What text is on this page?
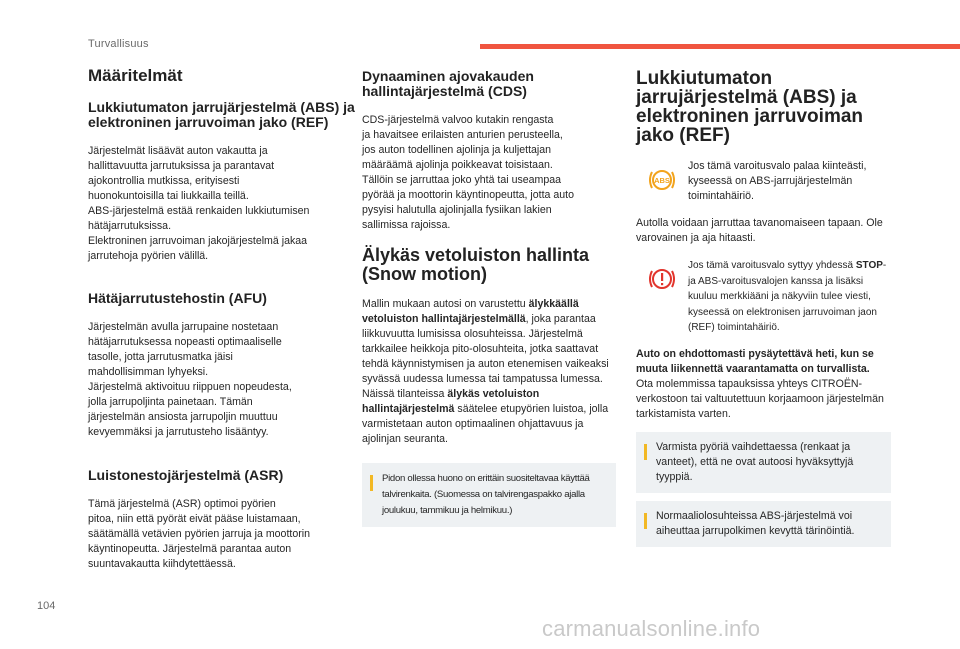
Turvallisuus
Määritelmät
Lukkiutumaton jarrujärjestelmä (ABS) ja elektroninen jarruvoiman jako (REF)

Järjestelmät lisäävät auton vakautta ja
hallittavuutta jarrutuksissa ja parantavat
ajokontrollia mutkissa, erityisesti
huonokuntoisilla tai liukkailla teillä.
ABS-järjestelmä estää renkaiden lukkiutumisen
hätäjarrutuksissa.
Elektroninen jarruvoiman jakojärjestelmä jakaa
jarrutehoja pyörien välillä.

Hätäjarrutustehostin (AFU)

Järjestelmän avulla jarrupaine nostetaan
hätäjarrutuksessa nopeasti optimaaliselle
tasolle, jotta jarrutusmatka jäisi
mahdollisimman lyhyeksi.
Järjestelmä aktivoituu riippuen nopeudesta,
jolla jarrupoljinta painetaan. Tämän
järjestelmän ansiosta jarrupoljin muuttuu
kevyemmäksi ja jarrutusteho lisääntyy.

Luistonestojärjestelmä (ASR)

Tämä järjestelmä (ASR) optimoi pyörien
pitoa, niin että pyörät eivät pääse luistamaan,
säätämällä vetävien pyörien jarruja ja moottorin
käyntinopeutta. Järjestelmä parantaa auton
suuntavakautta kiihdytettäessä.

Dynaaminen ajovakauden hallintajärjestelmä (CDS)

CDS-järjestelmä valvoo kutakin rengasta
ja havaitsee erilaisten anturien perusteella,
jos auton todellinen ajolinja ja kuljettajan
määräämä ajolinja poikkeavat toisistaan.
Tällöin se jarruttaa joko yhtä tai useampaa
pyörää ja moottorin käyntinopeutta, jotta auto
pysyisi halutulla ajolinjalla fysiikan lakien
sallimissa rajoissa.

Älykäs vetoluiston hallinta (Snow motion)

Mallin mukaan autosi on varustettu älykkäällä vetoluiston hallintajärjestelmällä, joka parantaa liikkuvuutta lumisissa olosuhteissa. Järjestelmä tarkkailee heikkoja pito-olosuhteita, jotka saattavat tehdä käynnistymisen ja auton etenemisen vaikeaksi syvässä uudessa lumessa tai tampatussa lumessa.
Näissä tilanteissa älykäs vetoluiston hallintajärjestelmä säätelee etupyörien luistoa, jolla varmistetaan auton optimaalinen ohjattavuus ja ajolinjan seuranta.

Pidon ollessa huono on erittäin suositeltavaa käyttää talvirenkaita. (Suomessa on talvirengaspakko ajalla joulukuu, tammikuu ja helmikuu.)
Lukkiutumaton jarrujärjestelmä (ABS) ja elektroninen jarruvoiman jako (REF)
ABS

Jos tämä varoitusvalo palaa kiinteästi, kyseessä on ABS-jarrujärjestelmän toimintahäiriö.

Autolla voidaan jarruttaa tavanomaiseen tapaan. Ole varovainen ja aja hitaasti.

Jos tämä varoitusvalo syttyy yhdessä STOP- ja ABS-varoitusvalojen kanssa ja lisäksi kuuluu merkkiääni ja näkyviin tulee viesti, kyseessä on elektronisen jarruvoiman jaon (REF) toimintahäiriö.

Auto on ehdottomasti pysäytettävä heti, kun se muuta liikennettä vaarantamatta on turvallista.

Ota molemmissa tapauksissa yhteys CITROËN-verkostoon tai valtuutettuun korjaamoon järjestelmän tarkistamista varten.

Varmista pyöriä vaihdettaessa (renkaat ja vanteet), että ne ovat autoosi hyväksyttyjä tyyppiä.
Normaaliolosuhteissa ABS-järjestelmä voi aiheuttaa jarrupolkimen kevyttä tärinöintiä.
104
carmanualsonline.info
